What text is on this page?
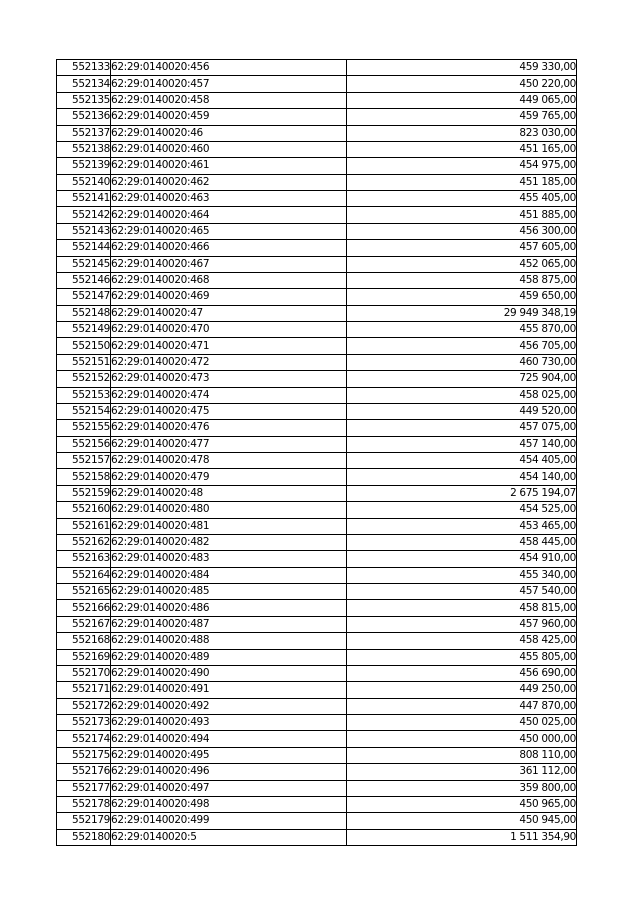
552133	62:29:0140020:456	459 330,00
552134	62:29:0140020:457	450 220,00
552135	62:29:0140020:458	449 065,00
552136	62:29:0140020:459	459 765,00
552137	62:29:0140020:46	823 030,00
552138	62:29:0140020:460	451 165,00
552139	62:29:0140020:461	454 975,00
552140	62:29:0140020:462	451 185,00
552141	62:29:0140020:463	455 405,00
552142	62:29:0140020:464	451 885,00
552143	62:29:0140020:465	456 300,00
552144	62:29:0140020:466	457 605,00
552145	62:29:0140020:467	452 065,00
552146	62:29:0140020:468	458 875,00
552147	62:29:0140020:469	459 650,00
552148	62:29:0140020:47	29 949 348,19
552149	62:29:0140020:470	455 870,00
552150	62:29:0140020:471	456 705,00
552151	62:29:0140020:472	460 730,00
552152	62:29:0140020:473	725 904,00
552153	62:29:0140020:474	458 025,00
552154	62:29:0140020:475	449 520,00
552155	62:29:0140020:476	457 075,00
552156	62:29:0140020:477	457 140,00
552157	62:29:0140020:478	454 405,00
552158	62:29:0140020:479	454 140,00
552159	62:29:0140020:48	2 675 194,07
552160	62:29:0140020:480	454 525,00
552161	62:29:0140020:481	453 465,00
552162	62:29:0140020:482	458 445,00
552163	62:29:0140020:483	454 910,00
552164	62:29:0140020:484	455 340,00
552165	62:29:0140020:485	457 540,00
552166	62:29:0140020:486	458 815,00
552167	62:29:0140020:487	457 960,00
552168	62:29:0140020:488	458 425,00
552169	62:29:0140020:489	455 805,00
552170	62:29:0140020:490	456 690,00
552171	62:29:0140020:491	449 250,00
552172	62:29:0140020:492	447 870,00
552173	62:29:0140020:493	450 025,00
552174	62:29:0140020:494	450 000,00
552175	62:29:0140020:495	808 110,00
552176	62:29:0140020:496	361 112,00
552177	62:29:0140020:497	359 800,00
552178	62:29:0140020:498	450 965,00
552179	62:29:0140020:499	450 945,00
552180	62:29:0140020:5	1 511 354,90
